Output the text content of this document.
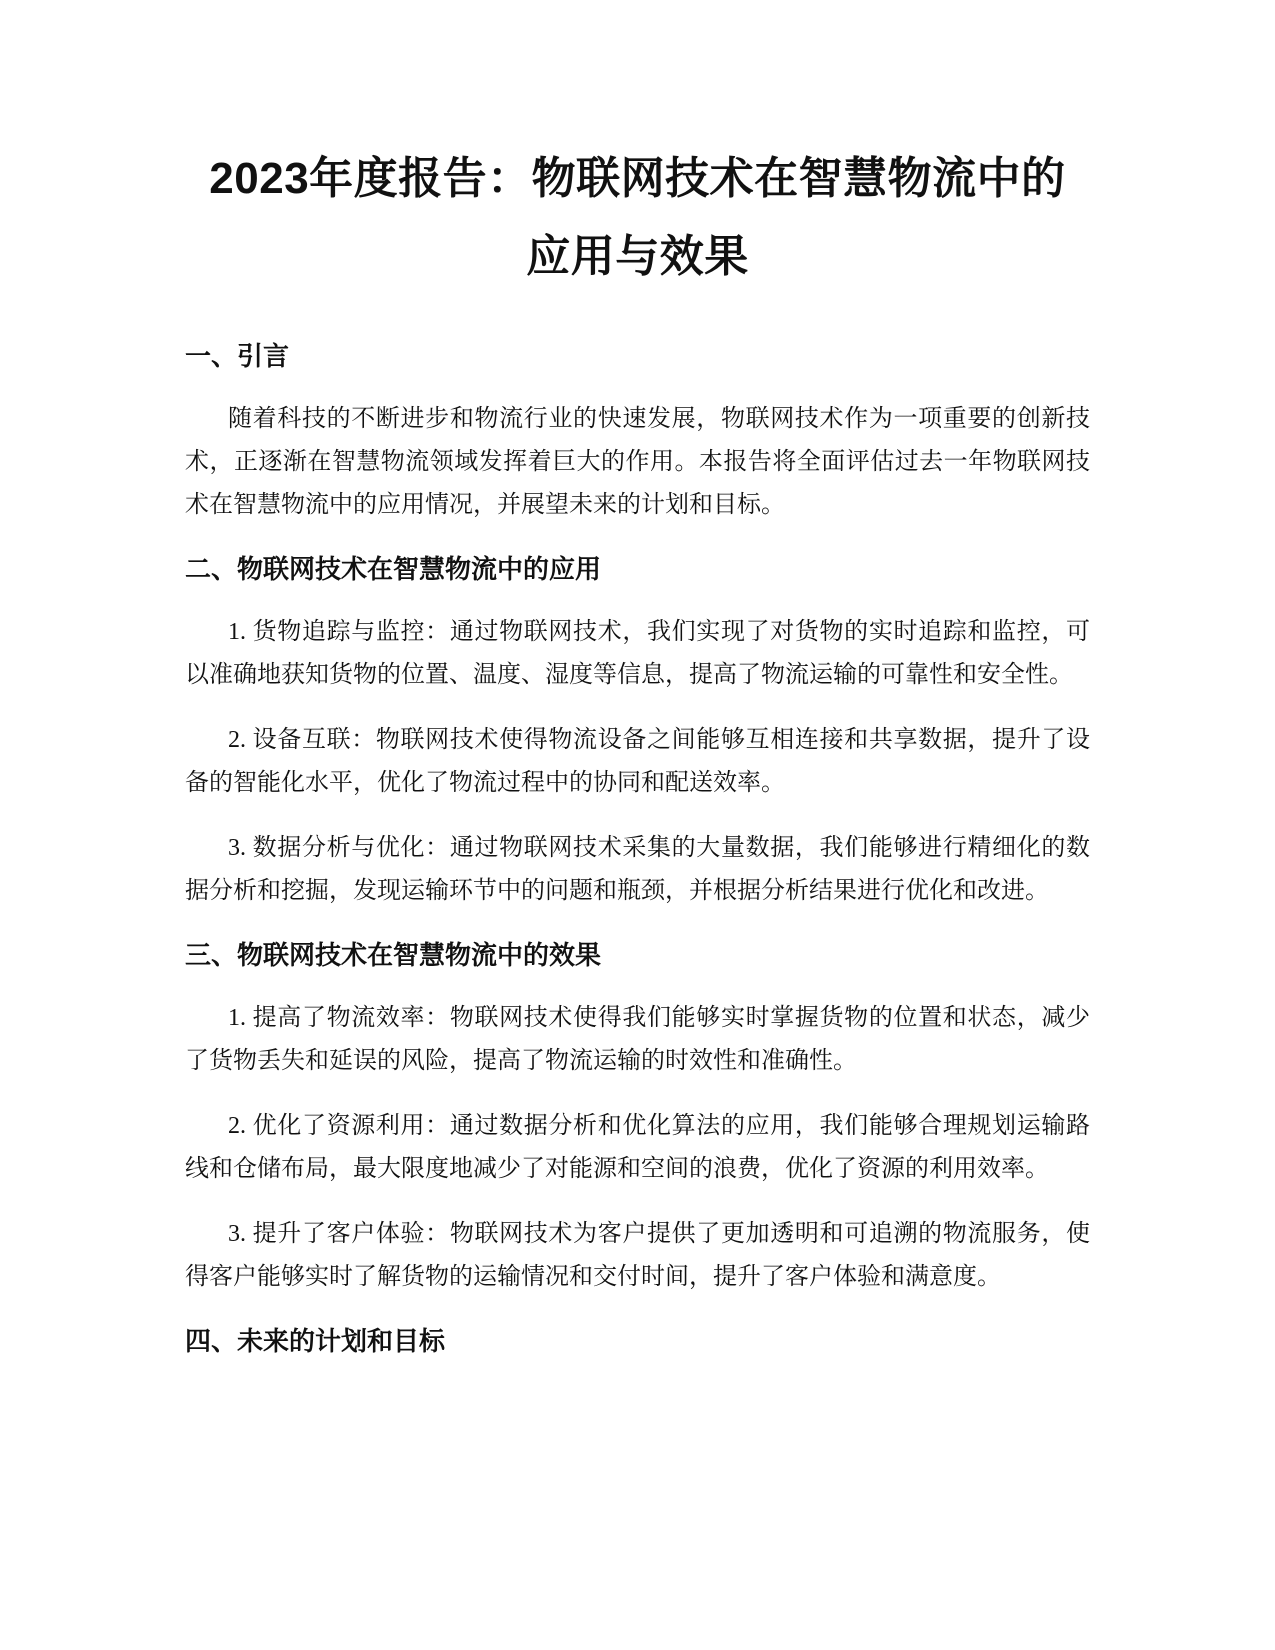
2023年度报告：物联网技术在智慧物流中的
应用与效果
一、引言

随着科技的不断进步和物流行业的快速发展，物联网技术作为一项重要的创新技术，正逐渐在智慧物流领域发挥着巨大的作用。本报告将全面评估过去一年物联网技术在智慧物流中的应用情况，并展望未来的计划和目标。

二、物联网技术在智慧物流中的应用

1. 货物追踪与监控：通过物联网技术，我们实现了对货物的实时追踪和监控，可以准确地获知货物的位置、温度、湿度等信息，提高了物流运输的可靠性和安全性。

2. 设备互联：物联网技术使得物流设备之间能够互相连接和共享数据，提升了设备的智能化水平，优化了物流过程中的协同和配送效率。

3. 数据分析与优化：通过物联网技术采集的大量数据，我们能够进行精细化的数据分析和挖掘，发现运输环节中的问题和瓶颈，并根据分析结果进行优化和改进。

三、物联网技术在智慧物流中的效果

1. 提高了物流效率：物联网技术使得我们能够实时掌握货物的位置和状态，减少了货物丢失和延误的风险，提高了物流运输的时效性和准确性。

2. 优化了资源利用：通过数据分析和优化算法的应用，我们能够合理规划运输路线和仓储布局，最大限度地减少了对能源和空间的浪费，优化了资源的利用效率。

3. 提升了客户体验：物联网技术为客户提供了更加透明和可追溯的物流服务，使得客户能够实时了解货物的运输情况和交付时间，提升了客户体验和满意度。

四、未来的计划和目标
